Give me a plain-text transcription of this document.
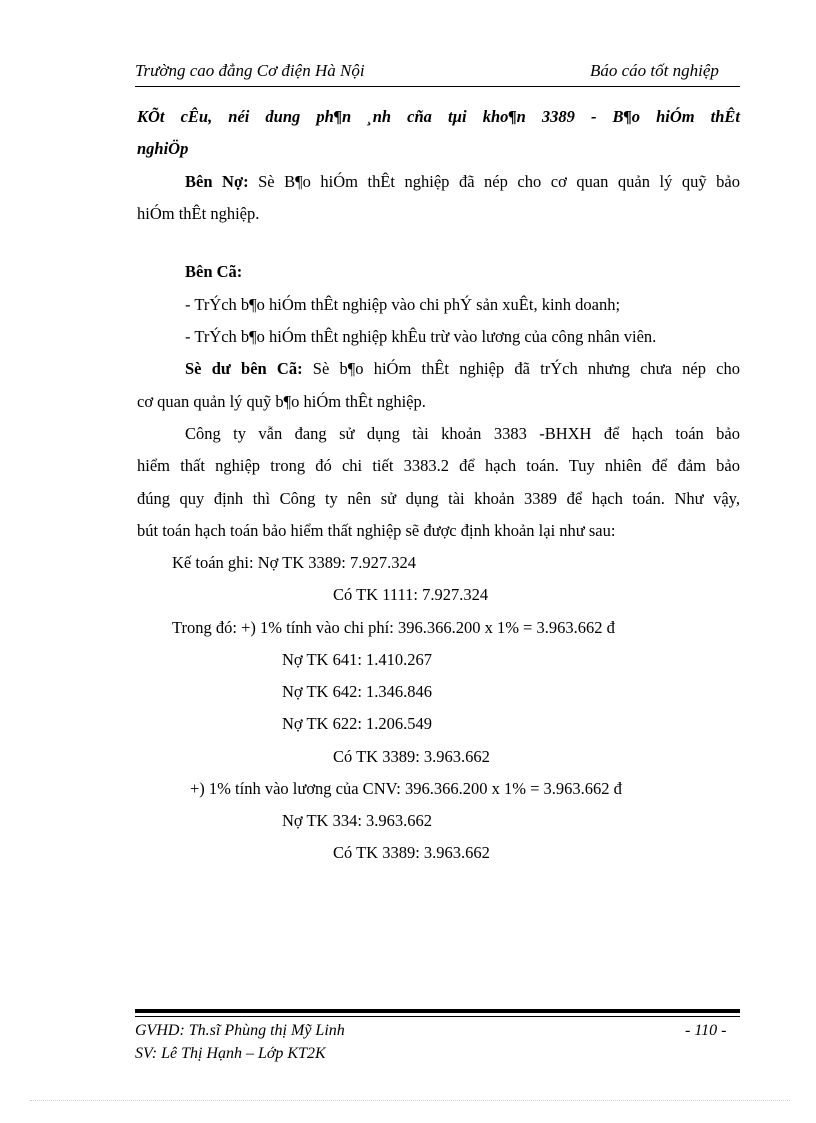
Trường cao đẳng Cơ điện Hà Nội	Báo cáo tốt nghiệp
KÕt cÊu, néi dung ph¶n ¸nh cña tµi kho¶n 3389 - B¶o hiÓm thÊt
nghiÖp
Bên Nợ: Sè B¶o hiÓm thÊt nghiệp đã nép cho cơ quan quản lý quỹ bảo
hiÓm thÊt nghiệp.
Bên Cã:
- TrÝch b¶o hiÓm thÊt nghiệp vào chi phÝ sản xuÊt, kinh doanh;
- TrÝch b¶o hiÓm thÊt nghiệp khÊu trừ vào lương của công nhân viên.
Sè dư bên Cã: Sè b¶o hiÓm thÊt nghiệp đã trÝch nhưng chưa nép cho
cơ quan quản lý quỹ b¶o hiÓm thÊt nghiệp.
Công ty vẫn đang sử dụng tài khoản 3383 -BHXH để hạch toán bảo
hiểm thất nghiệp trong đó chi tiết 3383.2 để hạch toán. Tuy nhiên để đảm bảo
đúng quy định thì Công ty nên sử dụng tài khoản 3389 để hạch toán. Như vậy,
bút toán hạch toán bảo hiểm thất nghiệp sẽ được định khoản lại như sau:
Kế toán ghi: Nợ TK 3389: 7.927.324
Có TK 1111: 7.927.324
Trong đó: +) 1% tính vào chi phí: 396.366.200 x 1% = 3.963.662 đ
Nợ TK 641: 1.410.267
Nợ TK 642: 1.346.846
Nợ TK 622: 1.206.549
Có TK 3389: 3.963.662
+) 1% tính vào lương của CNV: 396.366.200 x 1% = 3.963.662 đ
Nợ TK 334: 3.963.662
Có TK 3389: 3.963.662
GVHD: Th.sĩ Phùng thị Mỹ Linh	- 110 -
SV: Lê Thị Hạnh – Lớp KT2K
